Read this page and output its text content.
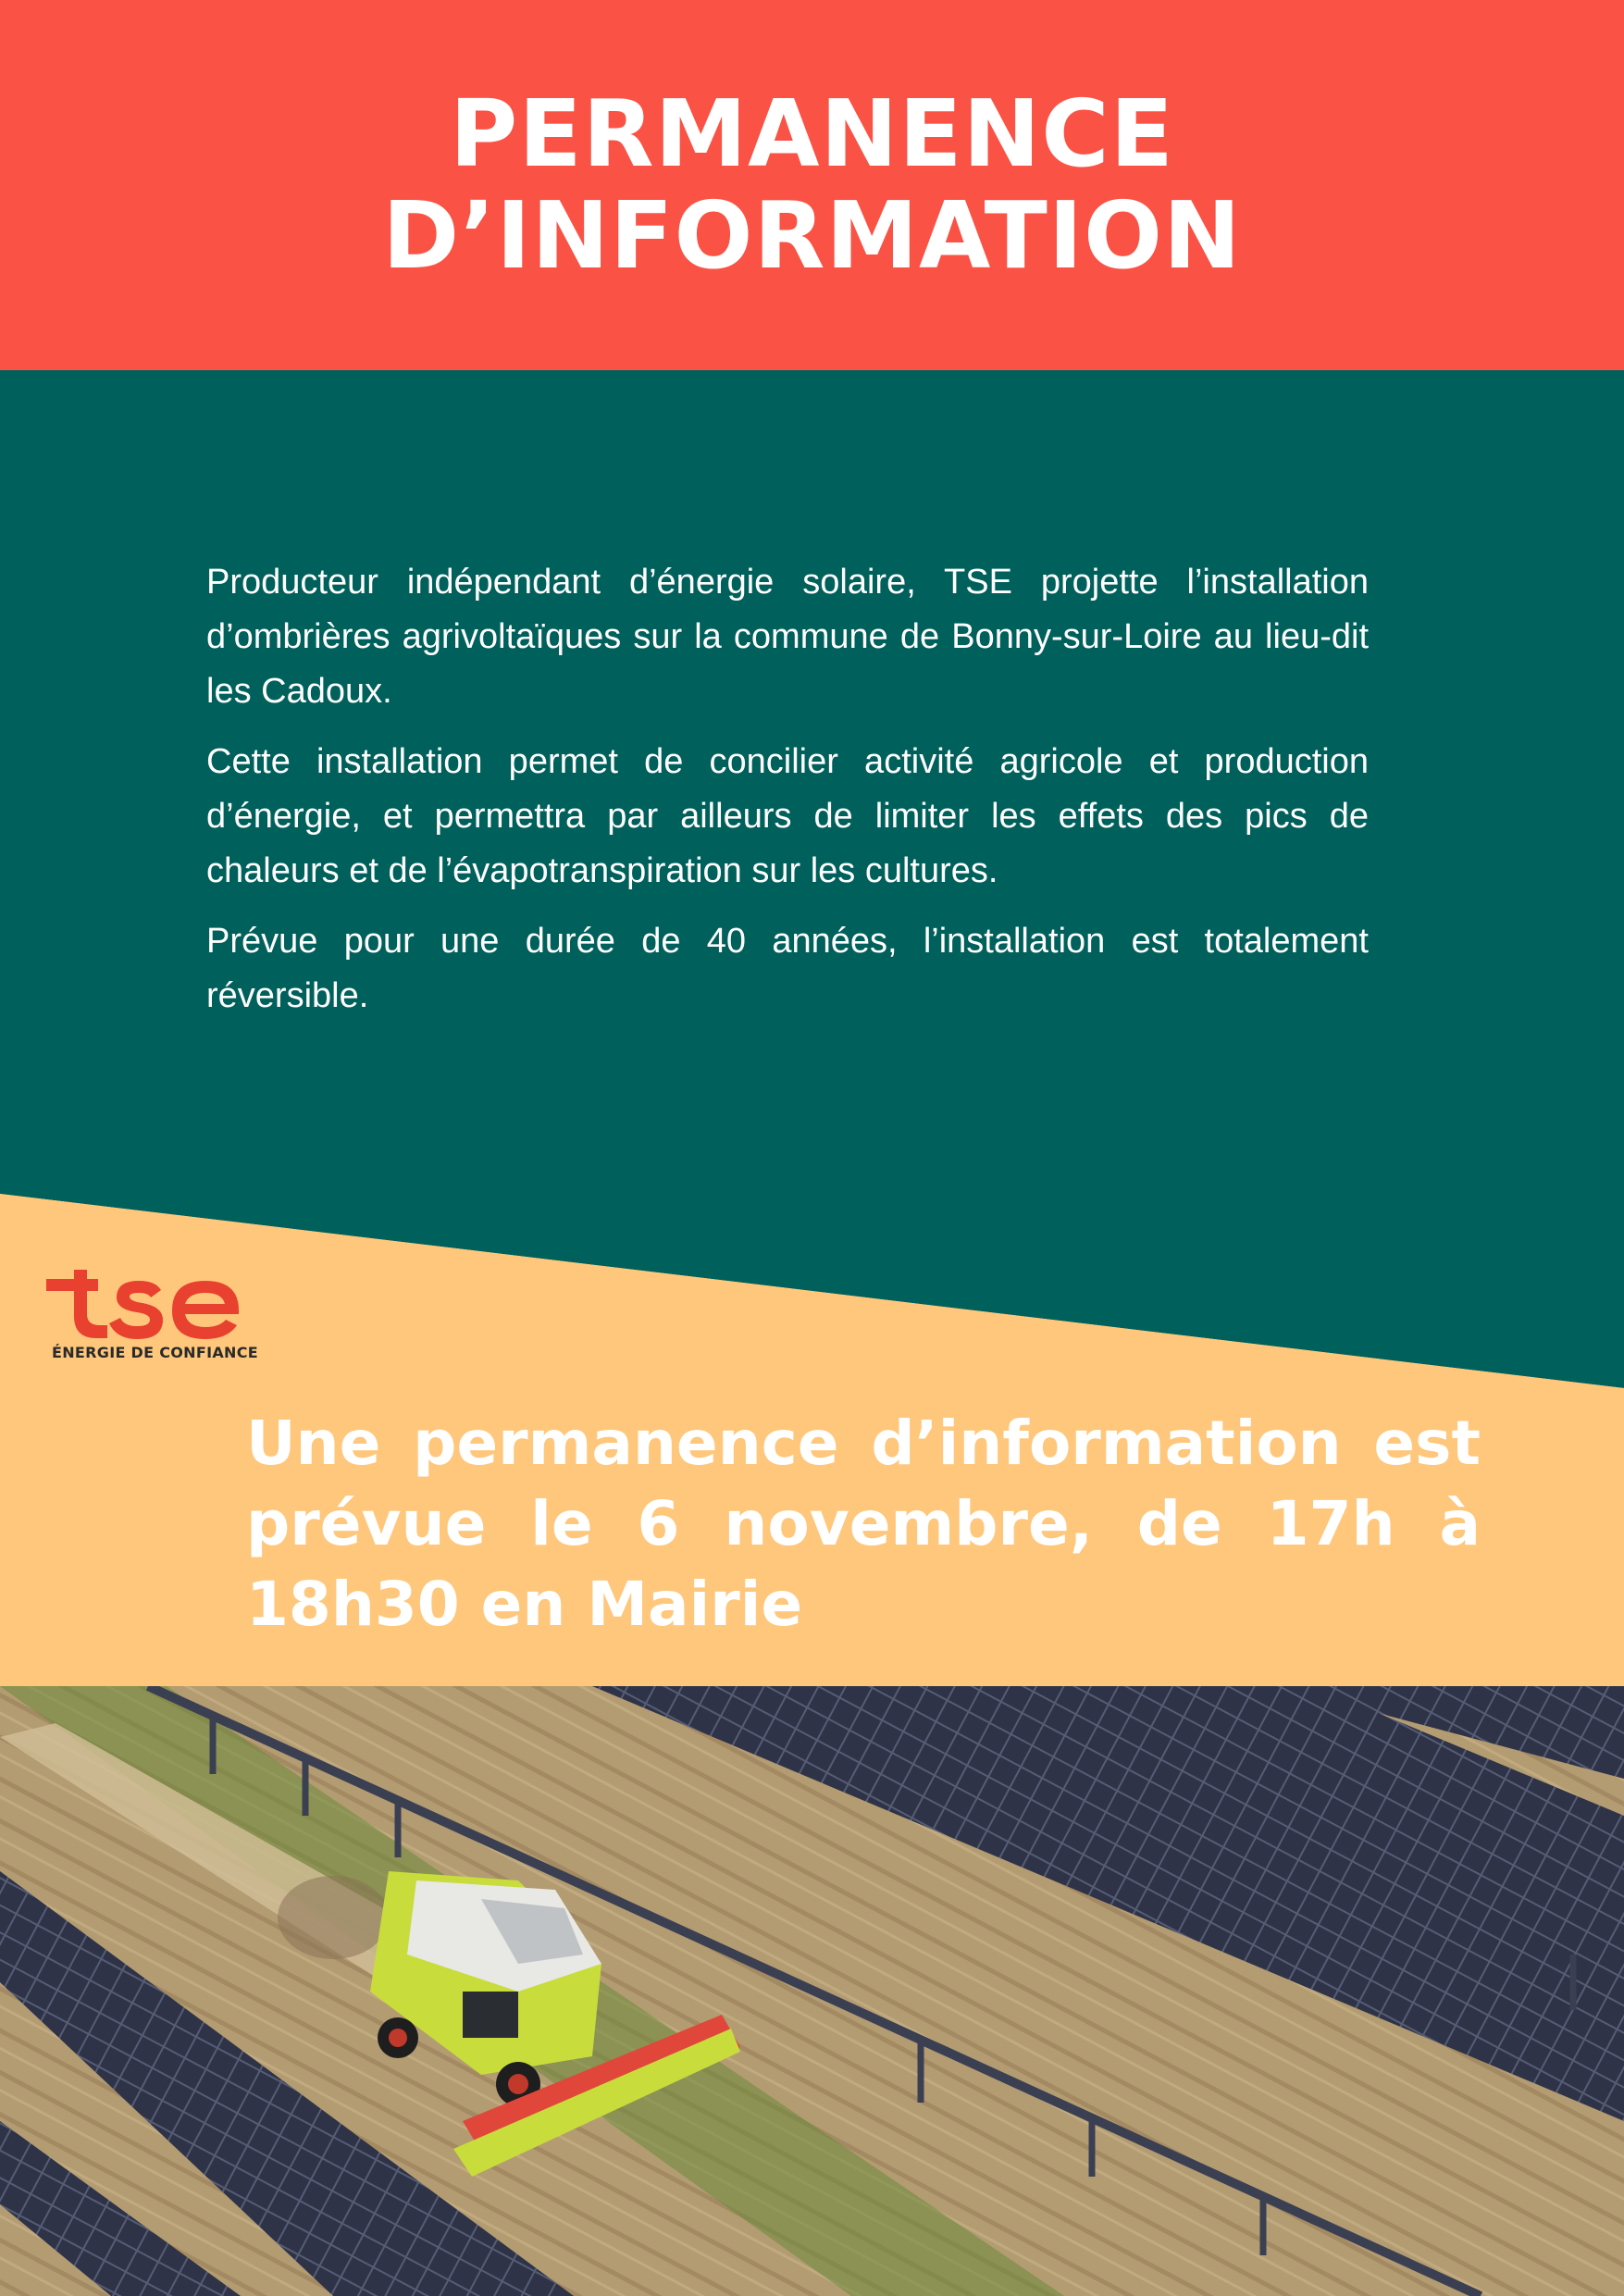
PERMANENCE
D’INFORMATION

Producteur indépendant d’énergie solaire, TSE projette l’installation d’ombrières agrivoltaïques sur la commune de Bonny-sur-Loire au lieu-dit les Cadoux.

Cette installation permet de concilier activité agricole et production d’énergie, et permettra par ailleurs de limiter les effets des pics de chaleurs et de l’évapotranspiration sur les cultures.

Prévue pour une durée de 40 années, l’installation est totalement réversible.

ÉNERGIE DE CONFIANCE
Une permanence d’information est prévue le 6 novembre, de 17h à 18h30 en Mairie
